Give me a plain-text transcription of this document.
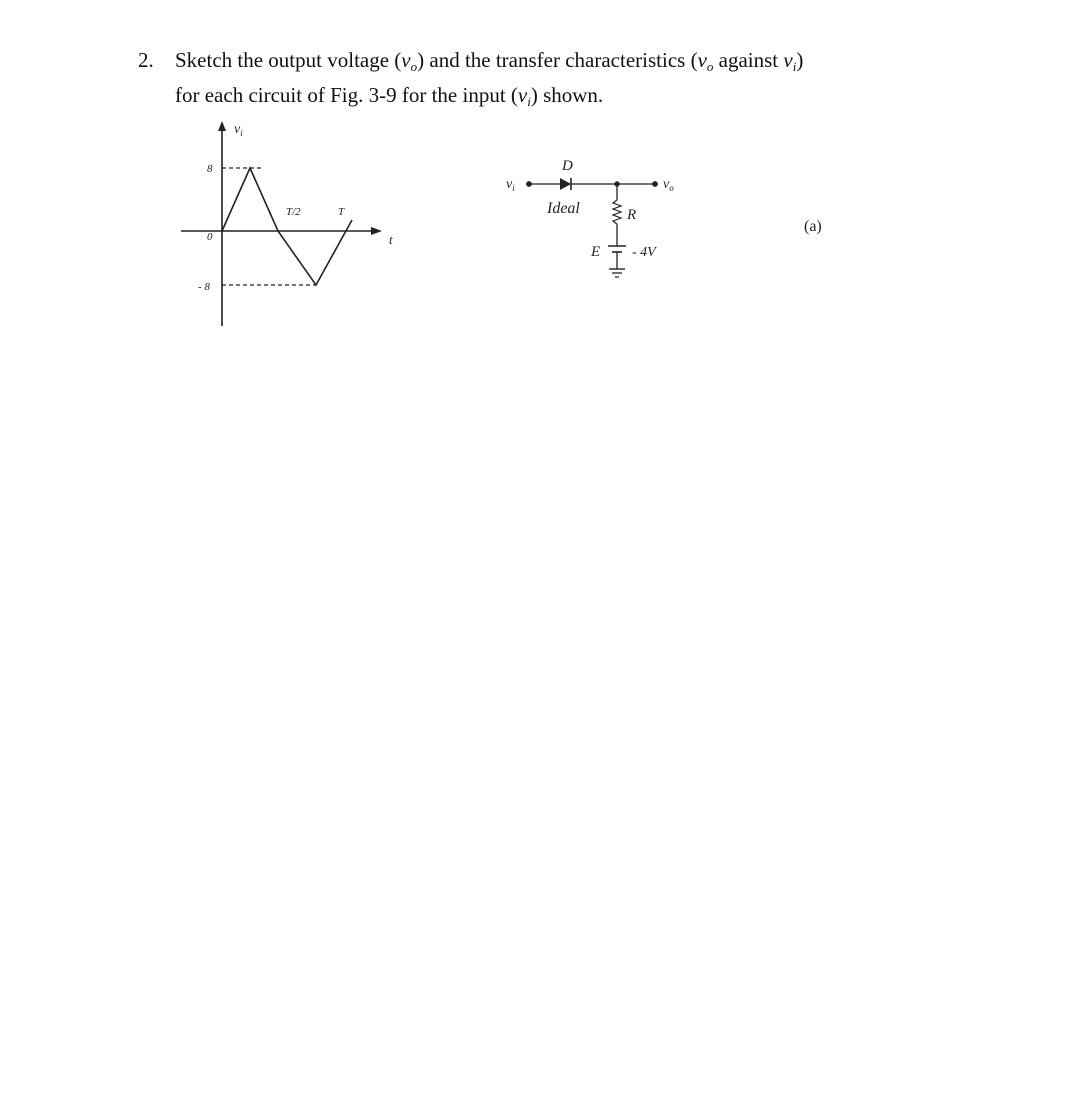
2. Sketch the output voltage $(v_o)$ and the transfer characteristics ($v_o$ against $v_i$)
for each circuit of Fig. 3-9 for the input $(v_i)$ shown.
$v_i$
8
0
- 8
T/2	T
t
$v_i$	$v_o$
D
Ideal	R
E - 4V
(a)
